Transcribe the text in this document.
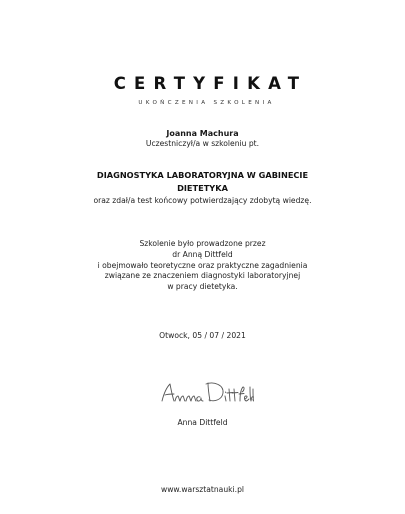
CERTYFIKAT
UKOŃCZENIA SZKOLENIA
Joanna Machura
Uczestniczył/a w szkoleniu pt.
DIAGNOSTYKA LABORATORYJNA W GABINECIE
DIETETYKA
oraz zdał/a test końcowy potwierdzający zdobytą wiedzę.
Szkolenie było prowadzone przez
dr Anną Dittfeld
i obejmowało teoretyczne oraz praktyczne zagadnienia
związane ze znaczeniem diagnostyki laboratoryjnej
w pracy dietetyka.
Otwock, 05 / 07 / 2021
Anna Dittfeld
www.warsztatnauki.pl
